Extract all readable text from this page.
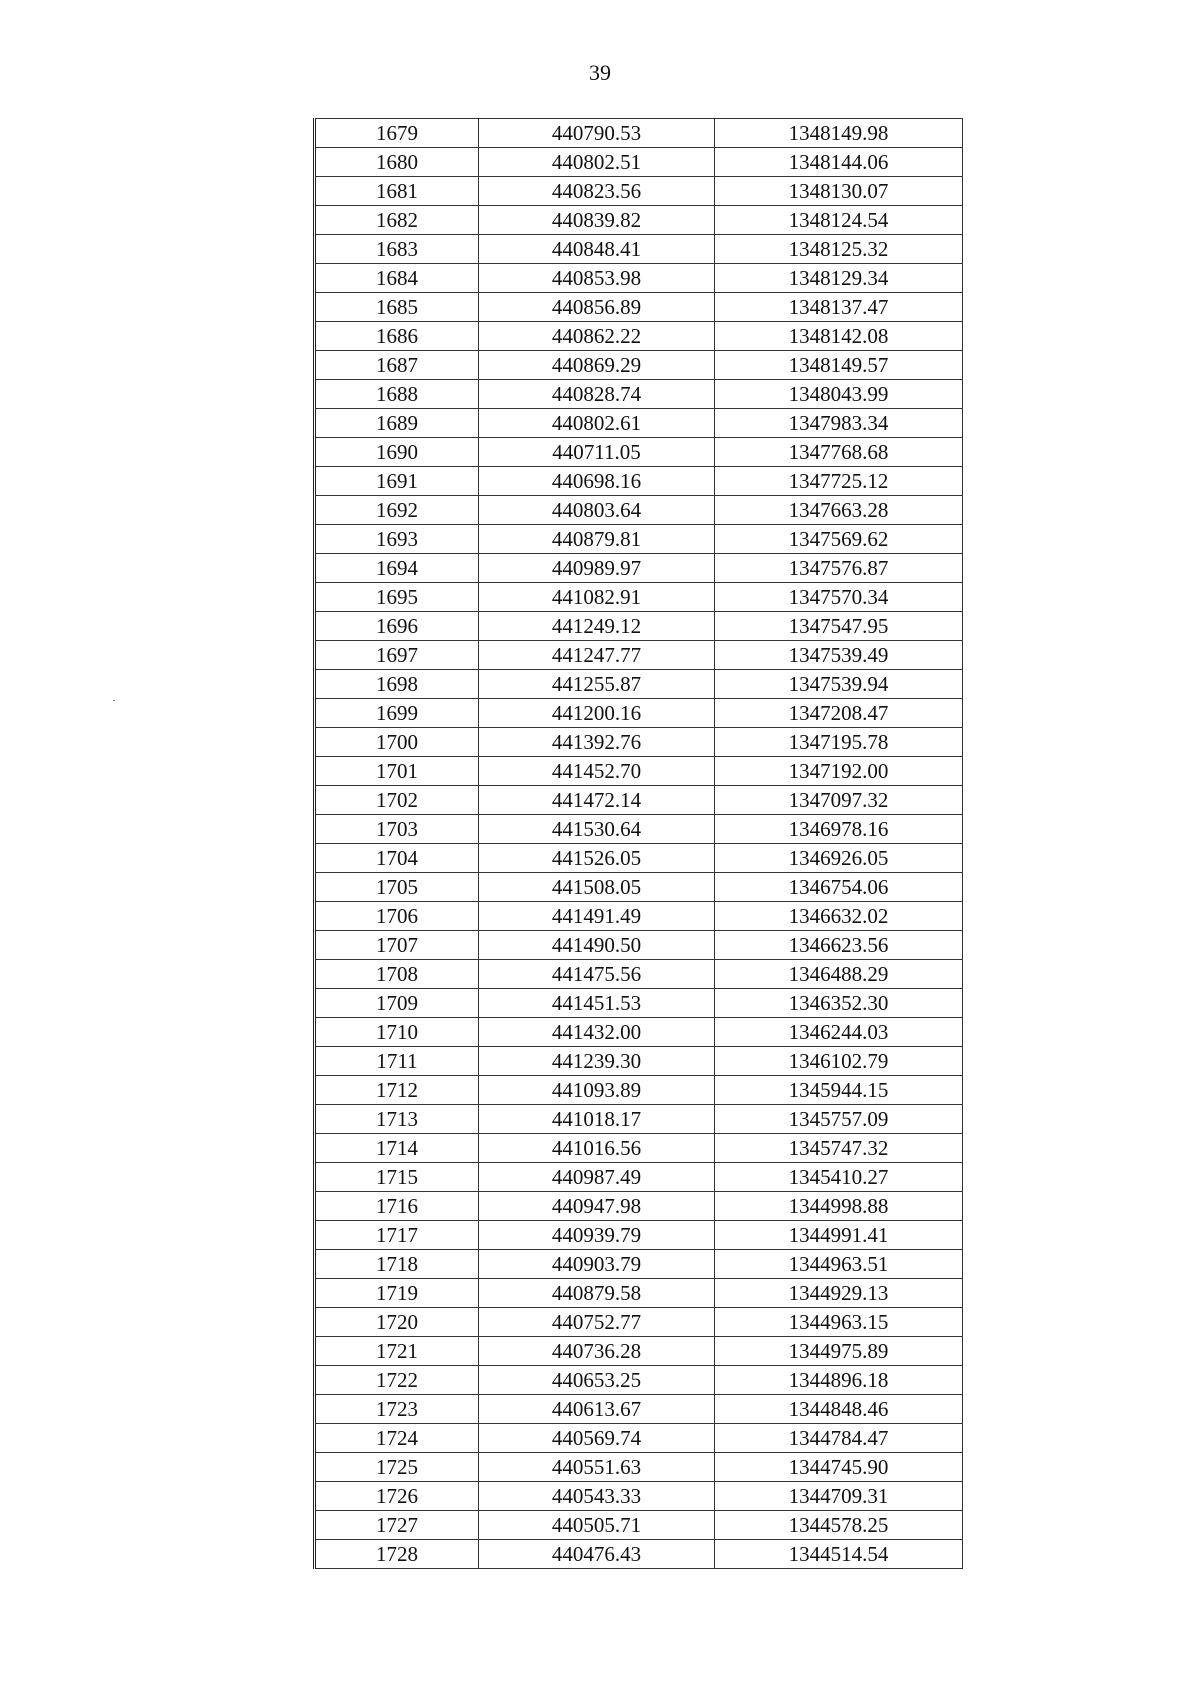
39
1679	440790.53	1348149.98
1680	440802.51	1348144.06
1681	440823.56	1348130.07
1682	440839.82	1348124.54
1683	440848.41	1348125.32
1684	440853.98	1348129.34
1685	440856.89	1348137.47
1686	440862.22	1348142.08
1687	440869.29	1348149.57
1688	440828.74	1348043.99
1689	440802.61	1347983.34
1690	440711.05	1347768.68
1691	440698.16	1347725.12
1692	440803.64	1347663.28
1693	440879.81	1347569.62
1694	440989.97	1347576.87
1695	441082.91	1347570.34
1696	441249.12	1347547.95
1697	441247.77	1347539.49
1698	441255.87	1347539.94
1699	441200.16	1347208.47
1700	441392.76	1347195.78
1701	441452.70	1347192.00
1702	441472.14	1347097.32
1703	441530.64	1346978.16
1704	441526.05	1346926.05
1705	441508.05	1346754.06
1706	441491.49	1346632.02
1707	441490.50	1346623.56
1708	441475.56	1346488.29
1709	441451.53	1346352.30
1710	441432.00	1346244.03
1711	441239.30	1346102.79
1712	441093.89	1345944.15
1713	441018.17	1345757.09
1714	441016.56	1345747.32
1715	440987.49	1345410.27
1716	440947.98	1344998.88
1717	440939.79	1344991.41
1718	440903.79	1344963.51
1719	440879.58	1344929.13
1720	440752.77	1344963.15
1721	440736.28	1344975.89
1722	440653.25	1344896.18
1723	440613.67	1344848.46
1724	440569.74	1344784.47
1725	440551.63	1344745.90
1726	440543.33	1344709.31
1727	440505.71	1344578.25
1728	440476.43	1344514.54
